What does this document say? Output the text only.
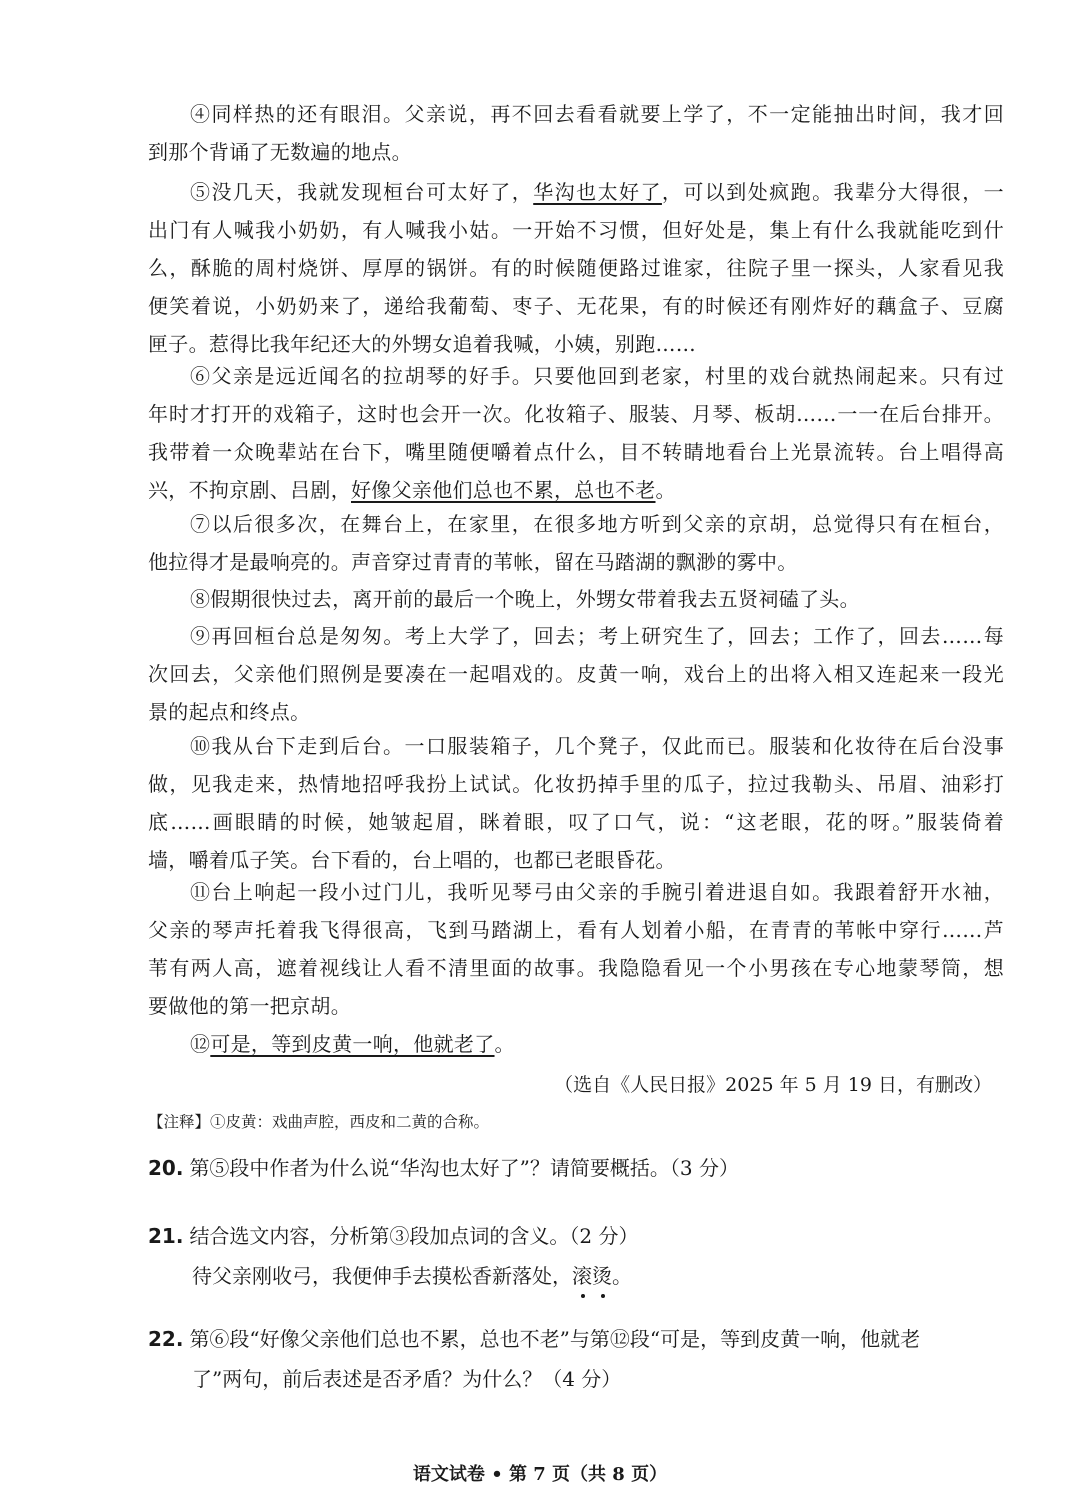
④同样热的还有眼泪。父亲说，再不回去看看就要上学了，不一定能抽出时间，我才回
到那个背诵了无数遍的地点。
⑤没几天，我就发现桓台可太好了，华沟也太好了，可以到处疯跑。我辈分大得很，一
出门有人喊我小奶奶，有人喊我小姑。一开始不习惯，但好处是，集上有什么我就能吃到什
么，酥脆的周村烧饼、厚厚的锅饼。有的时候随便路过谁家，往院子里一探头，人家看见我
便笑着说，小奶奶来了，递给我葡萄、枣子、无花果，有的时候还有刚炸好的藕盒子、豆腐
匣子。惹得比我年纪还大的外甥女追着我喊，小姨，别跑……
⑥父亲是远近闻名的拉胡琴的好手。只要他回到老家，村里的戏台就热闹起来。只有过
年时才打开的戏箱子，这时也会开一次。化妆箱子、服装、月琴、板胡……一一在后台排开。
我带着一众晚辈站在台下，嘴里随便嚼着点什么，目不转睛地看台上光景流转。台上唱得高
兴，不拘京剧、吕剧，好像父亲他们总也不累，总也不老。
⑦以后很多次，在舞台上，在家里，在很多地方听到父亲的京胡，总觉得只有在桓台，
他拉得才是最响亮的。声音穿过青青的苇帐，留在马踏湖的飘渺的雾中。
⑧假期很快过去，离开前的最后一个晚上，外甥女带着我去五贤祠磕了头。
⑨再回桓台总是匆匆。考上大学了，回去；考上研究生了，回去；工作了，回去……每
次回去，父亲他们照例是要凑在一起唱戏的。皮黄一响，戏台上的出将入相又连起来一段光
景的起点和终点。
⑩我从台下走到后台。一口服装箱子，几个凳子，仅此而已。服装和化妆待在后台没事
做，见我走来，热情地招呼我扮上试试。化妆扔掉手里的瓜子，拉过我勒头、吊眉、油彩打
底……画眼睛的时候，她皱起眉，眯着眼，叹了口气，说：“这老眼，花的呀。”服装倚着
墙，嚼着瓜子笑。台下看的，台上唱的，也都已老眼昏花。
⑪台上响起一段小过门儿，我听见琴弓由父亲的手腕引着进退自如。我跟着舒开水袖，
父亲的琴声托着我飞得很高，飞到马踏湖上，看有人划着小船，在青青的苇帐中穿行……芦
苇有两人高，遮着视线让人看不清里面的故事。我隐隐看见一个小男孩在专心地蒙琴筒，想
要做他的第一把京胡。
⑫可是，等到皮黄一响，他就老了。
（选自《人民日报》2025 年 5 月 19 日，有删改）
【注释】①皮黄：戏曲声腔，西皮和二黄的合称。
20. 第⑤段中作者为什么说“华沟也太好了”？请简要概括。（3 分）
21. 结合选文内容，分析第③段加点词的含义。（2 分）
待父亲刚收弓，我便伸手去摸松香新落处，滚烫。
22. 第⑥段“好像父亲他们总也不累，总也不老”与第⑫段“可是，等到皮黄一响，他就老
了”两句，前后表述是否矛盾？为什么？（4 分）
语文试卷 • 第 7 页（共 8 页）
